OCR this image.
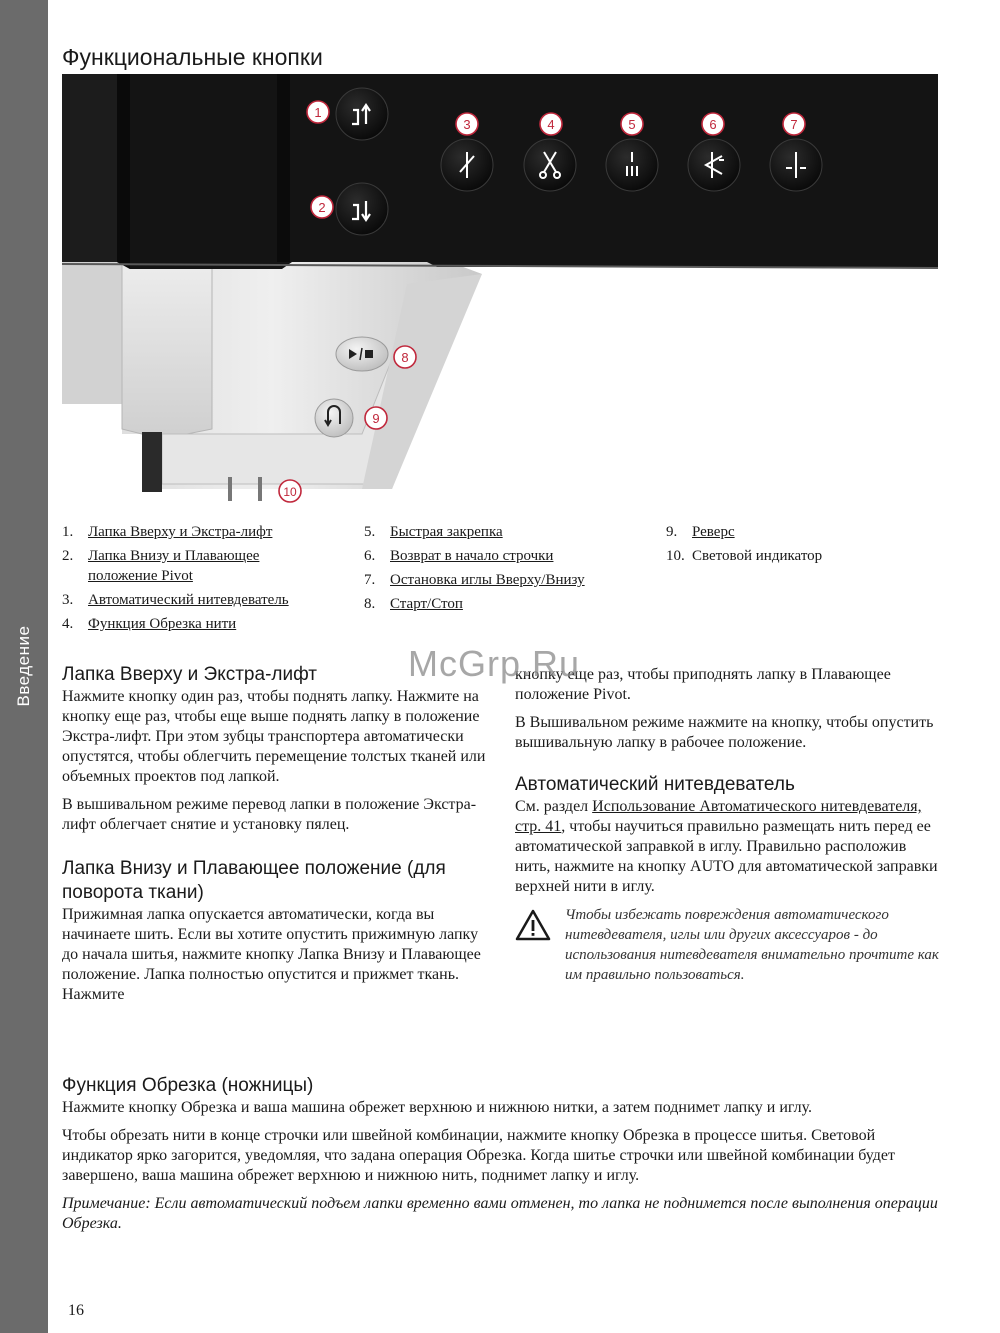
Введение
Функциональные кнопки
1
2
3	4	5	6	7
8
9
10
1. Лапка Вверху и Экстра-лифт
2. Лапка Внизу и Плавающее положение Pivot
3. Автоматический нитевдеватель
4. Функция Обрезка нити
5. Быстрая закрепка
6. Возврат в начало строчки
7. Остановка иглы Вверху/Внизу
8. Старт/Стоп
9. Реверс
10. Световой индикатор
Лапка Вверху и Экстра-лифт

Нажмите кнопку один раз, чтобы поднять лапку. Нажмите на кнопку еще раз, чтобы еще выше поднять лапку в положение Экстра-лифт. При этом зубцы транспортера автоматически опустятся, чтобы облегчить перемещение толстых тканей или объемных проектов под лапкой.

В вышивальном режиме перевод лапки в положение Экстра-лифт облегчает снятие и установку пялец.

Лапка Внизу и Плавающее положение (для поворота ткани)

Прижимная лапка опускается автоматически, когда вы начинаете шить. Если вы хотите опустить прижимную лапку до начала шитья, нажмите кнопку Лапка Внизу и Плавающее положение. Лапка полностью опустится и прижмет ткань. Нажмите

кнопку еще раз, чтобы приподнять лапку в Плавающее положение Pivot.

В Вышивальном режиме нажмите на кнопку, чтобы опустить вышивальную лапку в рабочее положение.

Автоматический нитевдеватель

См. раздел Использование Автоматического нитевдевателя, стр. 41, чтобы научиться правильно размещать нить перед ее автоматической заправкой в иглу. Правильно расположив нить, нажмите на кнопку AUTO для автоматической заправки верхней нити в иглу.

Чтобы избежать повреждения автоматического нитевдевателя, иглы или других аксессуаров - до использования нитевдевателя внимательно прочтите как им правильно пользоваться.
Функция Обрезка (ножницы)

Нажмите кнопку Обрезка и ваша машина обрежет верхнюю и нижнюю нитки, а затем поднимет лапку и иглу.

Чтобы обрезать нити в конце строчки или швейной комбинации, нажмите кнопку Обрезка в процессе шитья. Световой индикатор ярко загорится, уведомляя, что задана операция Обрезка. Когда шитье строчки или швейной комбинации будет завершено, ваша машина обрежет верхнюю и нижнюю нить, поднимет лапку и иглу.

Примечание: Если автоматический подъем лапки временно вами отменен, то лапка не поднимется после выполнения операции Обрезка.

McGrp.Ru
16
